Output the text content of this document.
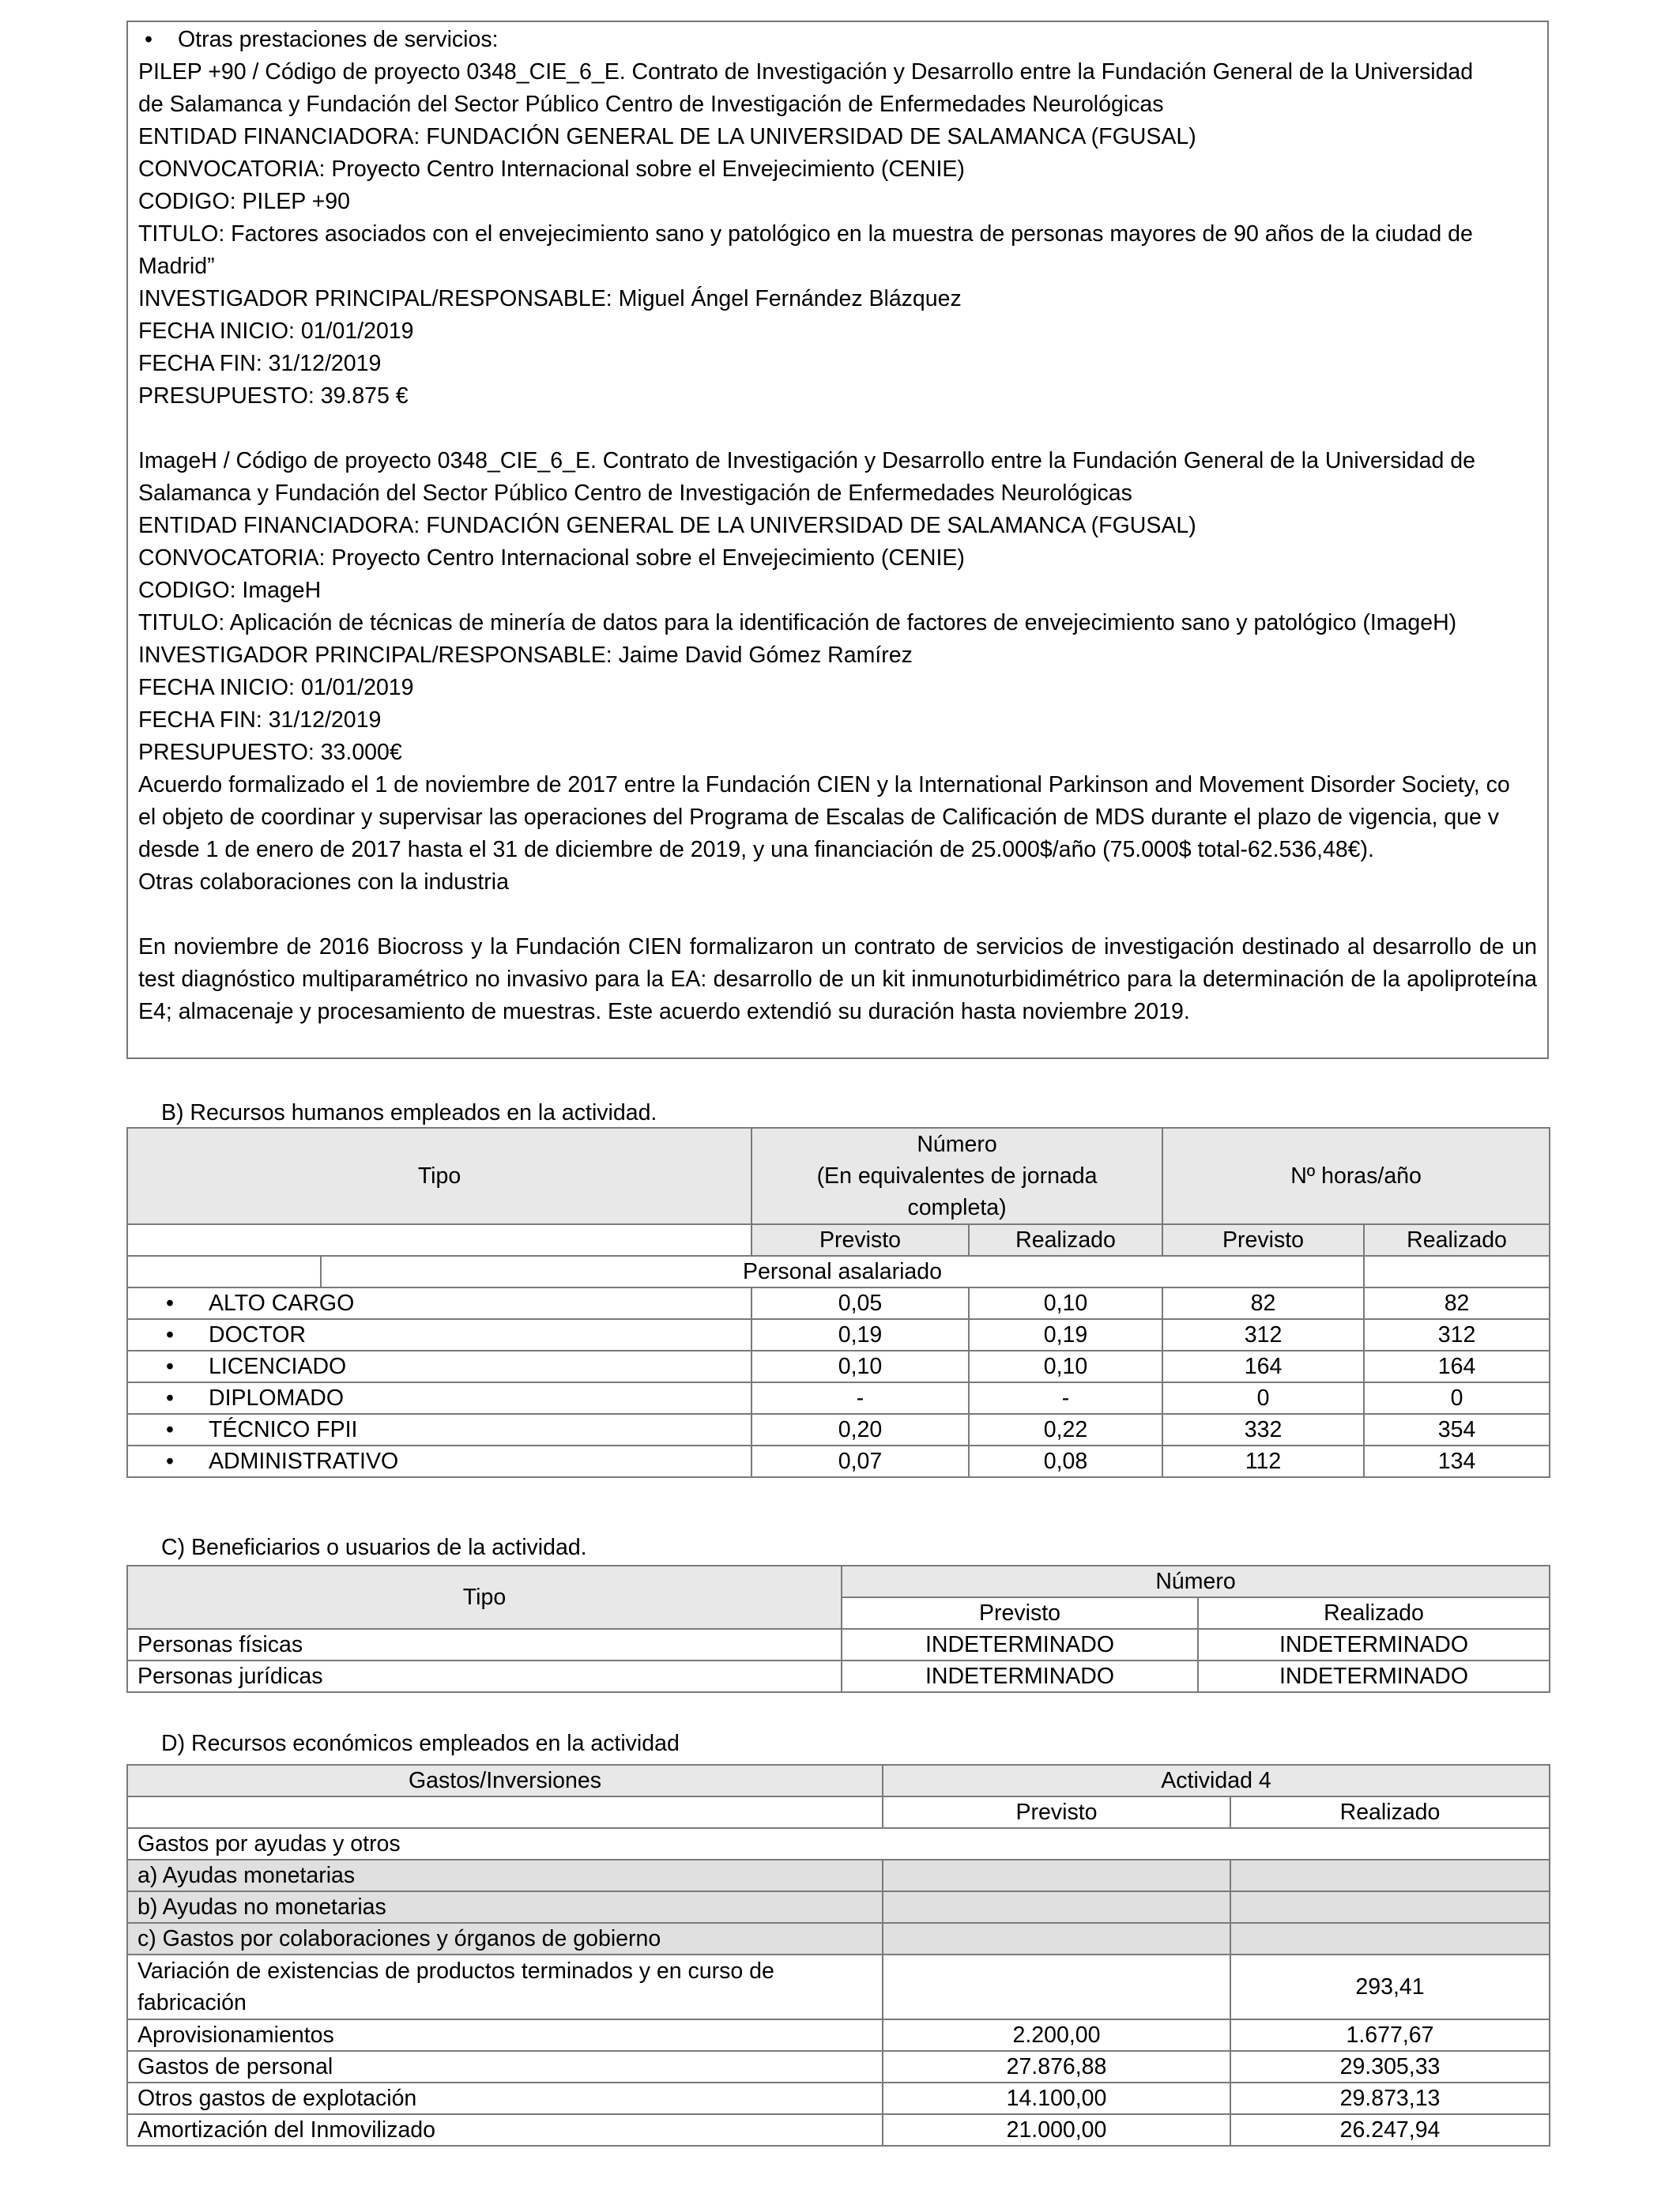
• Otras prestaciones de servicios:
PILEP +90 / Código de proyecto 0348_CIE_6_E. Contrato de Investigación y Desarrollo entre la Fundación General de la Universidad
de Salamanca y Fundación del Sector Público Centro de Investigación de Enfermedades Neurológicas
ENTIDAD FINANCIADORA: FUNDACIÓN GENERAL DE LA UNIVERSIDAD DE SALAMANCA (FGUSAL)
CONVOCATORIA: Proyecto Centro Internacional sobre el Envejecimiento (CENIE)
CODIGO: PILEP +90
TITULO: Factores asociados con el envejecimiento sano y patológico en la muestra de personas mayores de 90 años de la ciudad de
Madrid”
INVESTIGADOR PRINCIPAL/RESPONSABLE: Miguel Ángel Fernández Blázquez
FECHA INICIO: 01/01/2019
FECHA FIN: 31/12/2019
PRESUPUESTO: 39.875 €
ImageH / Código de proyecto 0348_CIE_6_E. Contrato de Investigación y Desarrollo entre la Fundación General de la Universidad de
Salamanca y Fundación del Sector Público Centro de Investigación de Enfermedades Neurológicas
ENTIDAD FINANCIADORA: FUNDACIÓN GENERAL DE LA UNIVERSIDAD DE SALAMANCA (FGUSAL)
CONVOCATORIA: Proyecto Centro Internacional sobre el Envejecimiento (CENIE)
CODIGO: ImageH
TITULO: Aplicación de técnicas de minería de datos para la identificación de factores de envejecimiento sano y patológico (ImageH)
INVESTIGADOR PRINCIPAL/RESPONSABLE: Jaime David Gómez Ramírez
FECHA INICIO: 01/01/2019
FECHA FIN: 31/12/2019
PRESUPUESTO: 33.000€
Acuerdo formalizado el 1 de noviembre de 2017 entre la Fundación CIEN y la International Parkinson and Movement Disorder Society, co
el objeto de coordinar y supervisar las operaciones del Programa de Escalas de Calificación de MDS durante el plazo de vigencia, que v
desde 1 de enero de 2017 hasta el 31 de diciembre de 2019, y una financiación de 25.000$/año (75.000$ total-62.536,48€).
Otras colaboraciones con la industria
En noviembre de 2016 Biocross y la Fundación CIEN formalizaron un contrato de servicios de investigación destinado al desarrollo de un test diagnóstico multiparamétrico no invasivo para la EA: desarrollo de un kit inmunoturbidimétrico para la determinación de la apoliproteína E4; almacenaje y procesamiento de muestras. Este acuerdo extendió su duración hasta noviembre 2019.
B) Recursos humanos empleados en la actividad.
Tipo		Número
(En equivalentes de jornada
completa)		Nº horas/año	

		Previsto	Realizado	Previsto	Realizado
	Personal asalariado				

• ALTO CARGO		0,05	0,10	82	82

• DOCTOR		0,19	0,19	312	312

• LICENCIADO		0,10	0,10	164	164

• DIPLOMADO		-	-	0	0

• TÉCNICO FPII		0,20	0,22	332	354

• ADMINISTRATIVO		0,07	0,08	112	134
C) Beneficiarios o usuarios de la actividad.
Tipo	Número	
	Previsto	Realizado
Personas físicas	INDETERMINADO	INDETERMINADO
Personas jurídicas	INDETERMINADO	INDETERMINADO
D) Recursos económicos empleados en la actividad
Gastos/Inversiones	Actividad 4	
	Previsto	Realizado
Gastos por ayudas y otros		
a) Ayudas monetarias		
b) Ayudas no monetarias		
c) Gastos por colaboraciones y órganos de gobierno		
Variación de existencias de productos terminados y en curso de fabricación		293,41
Aprovisionamientos	2.200,00	1.677,67
Gastos de personal	27.876,88	29.305,33
Otros gastos de explotación	14.100,00	29.873,13
Amortización del Inmovilizado	21.000,00	26.247,94
